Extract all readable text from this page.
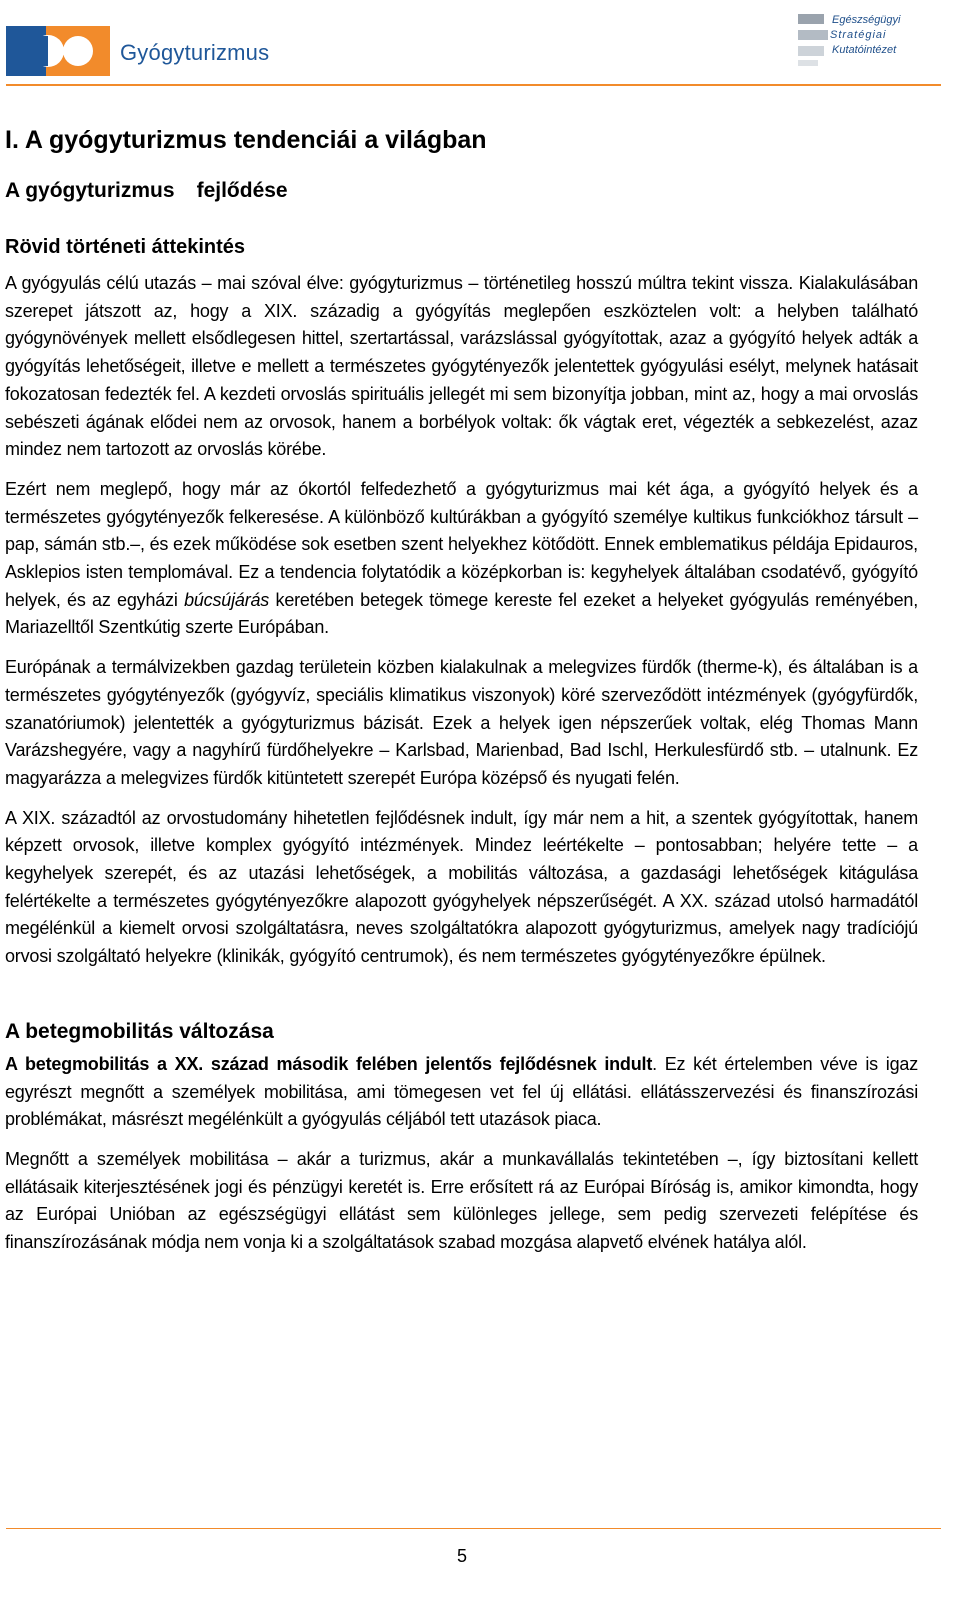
Gyógyturizmus
Egészségügyi
Stratégiai
Kutatóintézet
I. A gyógyturizmus tendenciái a világban
A gyógyturizmus fejlődése
Rövid történeti áttekintés

A gyógyulás célú utazás – mai szóval élve: gyógyturizmus – történetileg hosszú múltra tekint vissza. Kialakulásában szerepet játszott az, hogy a XIX. századig a gyógyítás meglepően eszköztelen volt: a helyben található gyógynövények mellett elsődlegesen hittel, szertartással, varázslással gyógyítottak, azaz a gyógyító helyek adták a gyógyítás lehetőségeit, illetve e mellett a természetes gyógytényezők jelentettek gyógyulási esélyt, melynek hatásait fokozatosan fedezték fel. A kezdeti orvoslás spirituális jellegét mi sem bizonyítja jobban, mint az, hogy a mai orvoslás sebészeti ágának elődei nem az orvosok, hanem a borbélyok voltak: ők vágtak eret, végezték a sebkezelést, azaz mindez nem tartozott az orvoslás körébe.

Ezért nem meglepő, hogy már az ókortól felfedezhető a gyógyturizmus mai két ága, a gyógyító helyek és a természetes gyógytényezők felkeresése. A különböző kultúrákban a gyógyító személye kultikus funkciókhoz társult – pap, sámán stb.–, és ezek működése sok esetben szent helyekhez kötődött. Ennek emblematikus példája Epidauros, Asklepios isten templomával. Ez a tendencia folytatódik a középkorban is: kegyhelyek általában csodatévő, gyógyító helyek, és az egyházi búcsújárás keretében betegek tömege kereste fel ezeket a helyeket gyógyulás reményében, Mariazelltől Szentkútig szerte Európában.

Európának a termálvizekben gazdag területein közben kialakulnak a melegvizes fürdők (therme-k), és általában is a természetes gyógytényezők (gyógyvíz, speciális klimatikus viszonyok) köré szerveződött intézmények (gyógyfürdők, szanatóriumok) jelentették a gyógyturizmus bázisát. Ezek a helyek igen népszerűek voltak, elég Thomas Mann Varázshegyére, vagy a nagyhírű fürdőhelyekre – Karlsbad, Marienbad, Bad Ischl, Herkulesfürdő stb. – utalnunk. Ez magyarázza a melegvizes fürdők kitüntetett szerepét Európa középső és nyugati felén.

A XIX. századtól az orvostudomány hihetetlen fejlődésnek indult, így már nem a hit, a szentek gyógyítottak, hanem képzett orvosok, illetve komplex gyógyító intézmények. Mindez leértékelte – pontosabban; helyére tette – a kegyhelyek szerepét, és az utazási lehetőségek, a mobilitás változása, a gazdasági lehetőségek kitágulása felértékelte a természetes gyógytényezőkre alapozott gyógyhelyek népszerűségét. A XX. század utolsó harmadától megélénkül a kiemelt orvosi szolgáltatásra, neves szolgáltatókra alapozott gyógyturizmus, amelyek nagy tradíciójú orvosi szolgáltató helyekre (klinikák, gyógyító centrumok), és nem természetes gyógytényezőkre épülnek.

A betegmobilitás változása

A betegmobilitás a XX. század második felében jelentős fejlődésnek indult. Ez két értelemben véve is igaz egyrészt megnőtt a személyek mobilitása, ami tömegesen vet fel új ellátási. ellátásszervezési és finanszírozási problémákat, másrészt megélénkült a gyógyulás céljából tett utazások piaca.

Megnőtt a személyek mobilitása – akár a turizmus, akár a munkavállalás tekintetében –, így biztosítani kellett ellátásaik kiterjesztésének jogi és pénzügyi keretét is. Erre erősített rá az Európai Bíróság is, amikor kimondta, hogy az Európai Unióban az egészségügyi ellátást sem különleges jellege, sem pedig szervezeti felépítése és finanszírozásának módja nem vonja ki a szolgáltatások szabad mozgása alapvető elvének hatálya alól.

5
